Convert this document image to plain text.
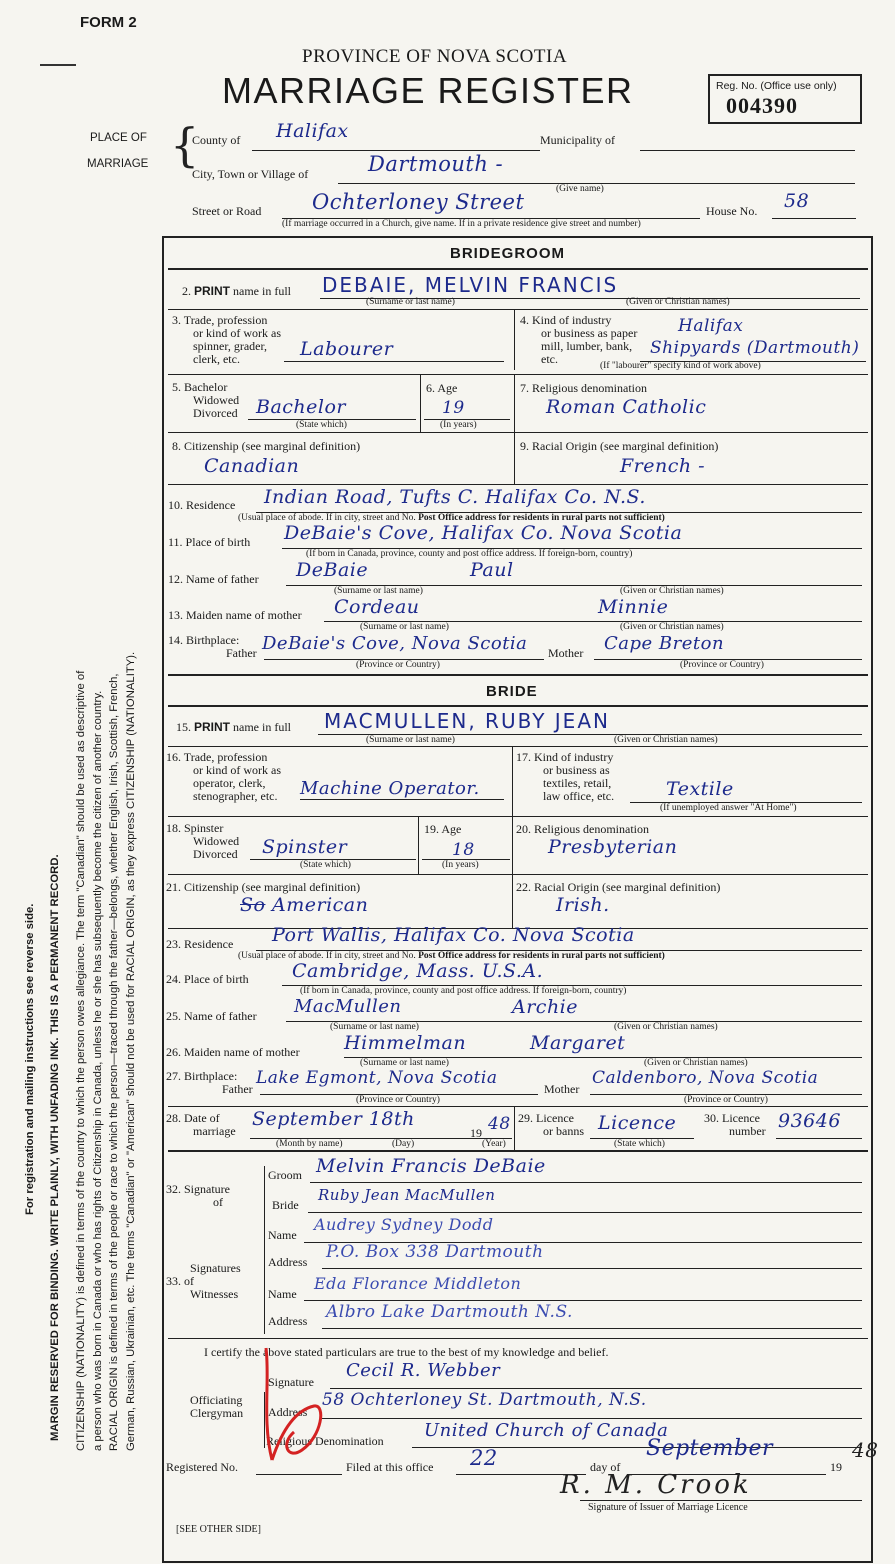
FORM 2
PROVINCE OF NOVA SCOTIA
MARRIAGE REGISTER	Reg. No. (Office use only)
004390
PLACE OF
MARRIAGE {
County of Halifax	Municipality of
City, Town or Village of	Dartmouth -
(Give name)
Street or Road Ochterloney Street	House No. 58
(If marriage occurred in a Church, give name. If in a private residence give street and number)
For registration and mailing instructions see reverse side. MARGIN RESERVED FOR BINDING. WRITE PLAINLY, WITH UNFADING INK. THIS IS A PERMANENT RECORD. CITIZENSHIP (NATIONALITY) is defined in terms of the country to which the person owes allegiance. The term "Canadian" should be used as descriptive of a person who was born in Canada or who has rights of Citizenship in Canada, unless he or she has subsequently become the citizen of another country. RACIAL ORIGIN is defined in terms of the people or race to which the person—traced through the father—belongs, whether English, Irish, Scottish, French, German, Russian, Ukrainian, etc. The terms "Canadian" or "American" should not be used for RACIAL ORIGIN, as they express CITIZENSHIP (NATIONALITY).
BRIDEGROOM
2. PRINT name in full DEBAIE, MELVIN FRANCIS
(Surname or last name)	(Given or Christian names)
3. Trade, profession
or kind of work as
spinner, grader,
clerk, etc.	Labourer
4. Kind of industry
or business as paper
mill, lumber, bank,
etc.
Halifax
Shipyards (Dartmouth)
(If "labourer" specify kind of work above)
5. Bachelor
Widowed
Divorced Bachelor
(State which)
6. Age
19
(In years)
7. Religious denomination
Roman Catholic
8. Citizenship (see marginal definition)
Canadian
9. Racial Origin (see marginal definition)
French -
10. Residence Indian Road, Tufts C. Halifax Co. N.S.
(Usual place of abode. If in city, street and No. Post Office address for residents in rural parts not sufficient)
11. Place of birth DeBaie's Cove, Halifax Co. Nova Scotia
(If born in Canada, province, county and post office address. If foreign-born, country)
12. Name of father DeBaie	Paul
(Surname or last name)	(Given or Christian names)
13. Maiden name of mother Cordeau	Minnie
(Surname or last name)	(Given or Christian names)
14. Birthplace:
Father DeBaie's Cove, Nova Scotia Mother Cape Breton
(Province or Country)	(Province or Country)
BRIDE
15. PRINT name in full MACMULLEN, RUBY JEAN
(Surname or last name)	(Given or Christian names)
16. Trade, profession
or kind of work as
operator, clerk,
stenographer, etc. Machine Operator.
17. Kind of industry
or business as
textiles, retail,
law office, etc.	Textile
(If unemployed answer "At Home")
18. Spinster
Widowed
Divorced Spinster
(State which)
19. Age
18
(In years)
20. Religious denomination
Presbyterian
21. Citizenship (see marginal definition)
American
So
22. Racial Origin (see marginal definition)
Irish.
23. Residence Port Wallis, Halifax Co. Nova Scotia
(Usual place of abode. If in city, street and No. Post Office address for residents in rural parts not sufficient)
24. Place of birth Cambridge, Mass. U.S.A.
(If born in Canada, province, county and post office address. If foreign-born, country)
25. Name of father MacMullen	Archie
(Surname or last name)	(Given or Christian names)
26. Maiden name of mother Himmelman	Margaret
(Surname or last name)	(Given or Christian names)
27. Birthplace:
Father
Lake Egmont, Nova Scotia
Mother
Caldenboro, Nova Scotia
(Province or Country)	(Province or Country)
28. Date of
marriage
September 18th
19 48
(Month by name)	(Day)	(Year)
29. Licence
or banns Licence
(State which)
30. Licence
number 93646
32. Signature
of
Groom Melvin Francis DeBaie
Bride
Ruby Jean MacMullen
Signatures
33. of
Witnesses
Name
Audrey Sydney Dodd
Address P.O. Box 338 Dartmouth
Name
Eda Florance Middleton
Address Albro Lake Dartmouth N.S.
I certify the above stated particulars are true to the best of my knowledge and belief.
Signature
Cecil R. Webber
Officiating
Clergyman Address
58 Ochterloney St. Dartmouth, N.S.
Religious Denomination United Church of Canada
Registered No.	Filed at this office 22	day of
September
19
48
R. M. Crook
Signature of Issuer of Marriage Licence
[SEE OTHER SIDE]
